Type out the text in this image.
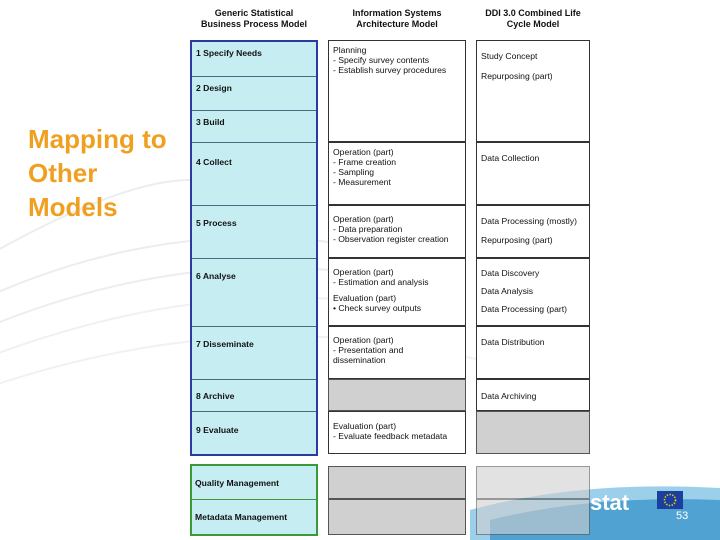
stat
53
Mapping to
Other
Models
Generic Statistical
Business Process Model
Information Systems
Architecture Model
DDI 3.0 Combined Life
Cycle Model
1 Specify Needs
2 Design
3 Build
4 Collect
5 Process
6 Analyse
7 Disseminate
8 Archive
9 Evaluate
Planning
- Specify survey contents
- Establish survey procedures
Operation (part)
- Frame creation
- Sampling
- Measurement
Operation (part)
- Data preparation
- Observation register creation
Operation (part)
- Estimation and analysis
Evaluation (part)
• Check survey outputs
Operation (part)
- Presentation and
dissemination
Evaluation (part)
- Evaluate feedback metadata
Study Concept
Repurposing (part)
Data Collection
Data Processing (mostly)
Repurposing (part)
Data Discovery
Data Analysis
Data Processing (part)
Data Distribution
Data Archiving
Quality Management
Metadata Management
